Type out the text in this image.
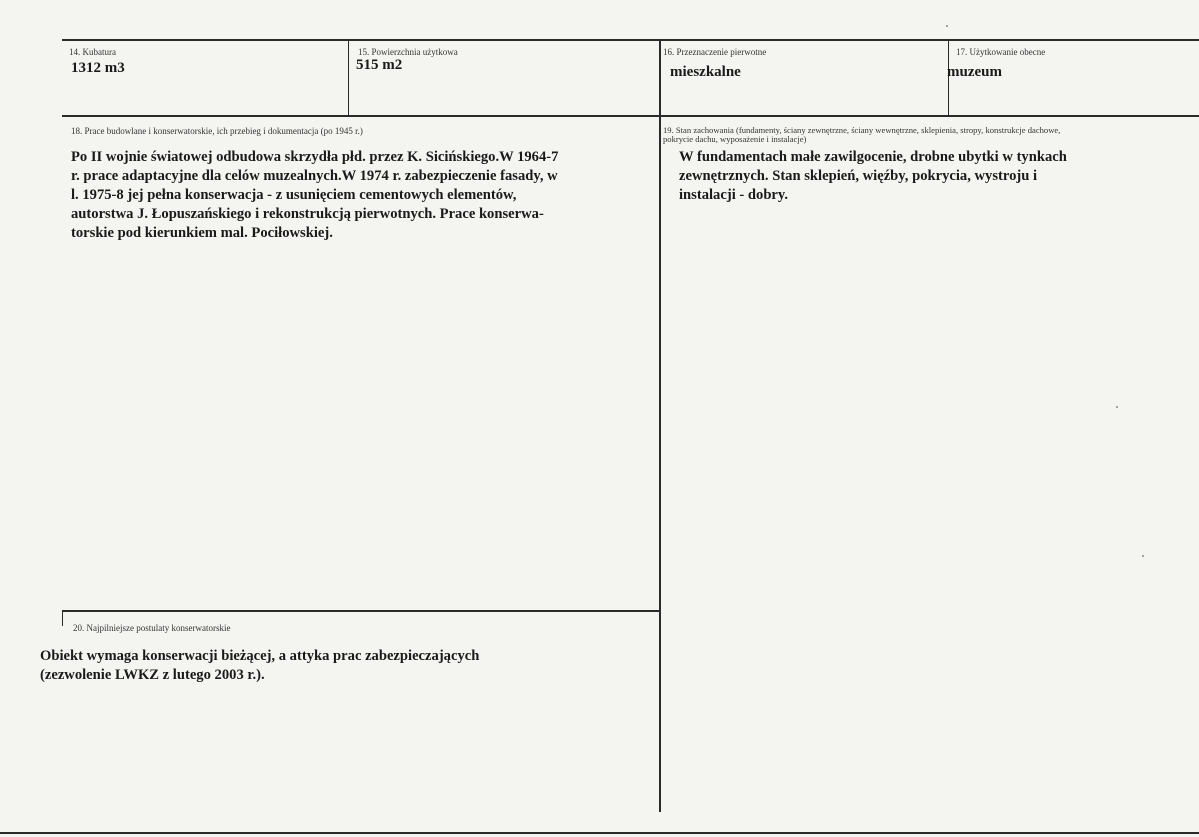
14. Kubatura
1312 m3
15. Powierzchnia użytkowa
515 m2
16. Przeznaczenie pierwotne
mieszkalne
17. Użytkowanie obecne
muzeum
18. Prace budowlane i konserwatorskie, ich przebieg i dokumentacja (po 1945 r.)
Po II wojnie światowej odbudowa skrzydła płd. przez K. Sicińskiego.W 1964-7
r. prace adaptacyjne dla celów muzealnych.W 1974 r. zabezpieczenie fasady, w
l. 1975-8 jej pełna konserwacja - z usunięciem cementowych elementów,
autorstwa J. Łopuszańskiego i rekonstrukcją pierwotnych. Prace konserwa-
torskie pod kierunkiem mal. Pociłowskiej.
19. Stan zachowania (fundamenty, ściany zewnętrzne, ściany wewnętrzne, sklepienia, stropy, konstrukcje dachowe,
pokrycie dachu, wyposażenie i instalacje)
W fundamentach małe zawilgocenie, drobne ubytki w tynkach
zewnętrznych. Stan sklepień, więźby, pokrycia, wystroju i
instalacji - dobry.
20. Najpilniejsze postulaty konserwatorskie
Obiekt wymaga konserwacji bieżącej, a attyka prac zabezpieczających
(zezwolenie LWKZ z lutego 2003 r.).
